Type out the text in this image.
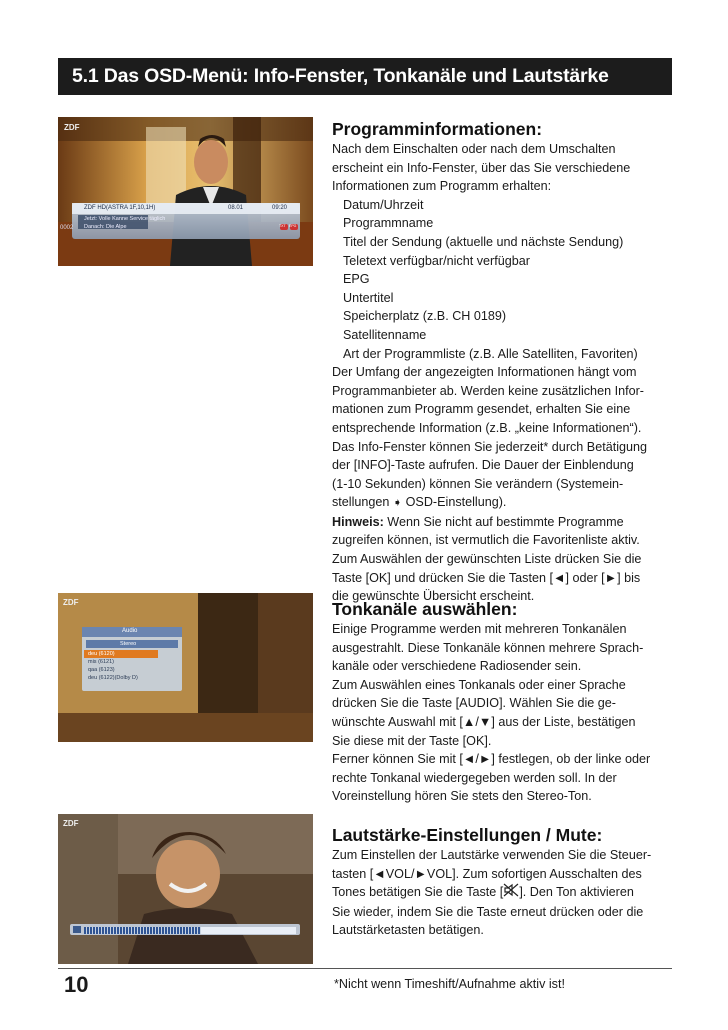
5.1 Das OSD-Menü: Info-Fenster, Tonkanäle und Lautstärke
ZDF
ZDF HD(ASTRA 1F,10,1H)	08.01	09:20
Jetzt: Volle Kanne Service täglich
Danach: Die Alpe
0002	TXT EPG
ZDF
Audio
Stereo
deu (6120)
mis (6121)
qaa (6123)
deu (6122)(Dolby D)
ZDF

Programminformationen:

Nach dem Einschalten oder nach dem Umschalten

erscheint ein Info-Fenster, über das Sie verschiedene

Informationen zum Programm erhalten:

Datum/Uhrzeit

Programmname

Titel der Sendung (aktuelle und nächste Sendung)

Teletext verfügbar/nicht verfügbar

EPG

Untertitel

Speicherplatz (z.B. CH 0189)

Satellitenname

Art der Programmliste (z.B. Alle Satelliten, Favoriten)

Der Umfang der angezeigten Informationen hängt vom

Programmanbieter ab. Werden keine zusätzlichen Infor-

mationen zum Programm gesendet, erhalten Sie eine

entsprechende Information (z.B. „keine Informationen“).

Das Info-Fenster können Sie jederzeit* durch Betätigung

der [INFO]-Taste aufrufen. Die Dauer der Einblendung

(1-10 Sekunden) können Sie verändern (Systemein-

stellungen ➧ OSD-Einstellung).

Hinweis: Wenn Sie nicht auf bestimmte Programme

zugreifen können, ist vermutlich die Favoritenliste aktiv.

Zum Auswählen der gewünschten Liste drücken Sie die

Taste [OK] und drücken Sie die Tasten [◄] oder [►] bis

die gewünschte Übersicht erscheint.

Tonkanäle auswählen:

Einige Programme werden mit mehreren Tonkanälen

ausgestrahlt. Diese Tonkanäle können mehrere Sprach-

kanäle oder verschiedene Radiosender sein.

Zum Auswählen eines Tonkanals oder einer Sprache

drücken Sie die Taste [AUDIO]. Wählen Sie die ge-

wünschte Auswahl mit [▲/▼] aus der Liste, bestätigen

Sie diese mit der Taste [OK].

Ferner können Sie mit [◄/►] festlegen, ob der linke oder

rechte Tonkanal wiedergegeben werden soll. In der

Voreinstellung hören Sie stets den Stereo-Ton.

Lautstärke-Einstellungen / Mute:

Zum Einstellen der Lautstärke verwenden Sie die Steuer-

tasten [◄VOL/►VOL]. Zum sofortigen Ausschalten des

Tones betätigen Sie die Taste [ ]. Den Ton aktivieren

Sie wieder, indem Sie die Taste erneut drücken oder die

Lautstärketasten betätigen.

10	*Nicht wenn Timeshift/Aufnahme aktiv ist!
